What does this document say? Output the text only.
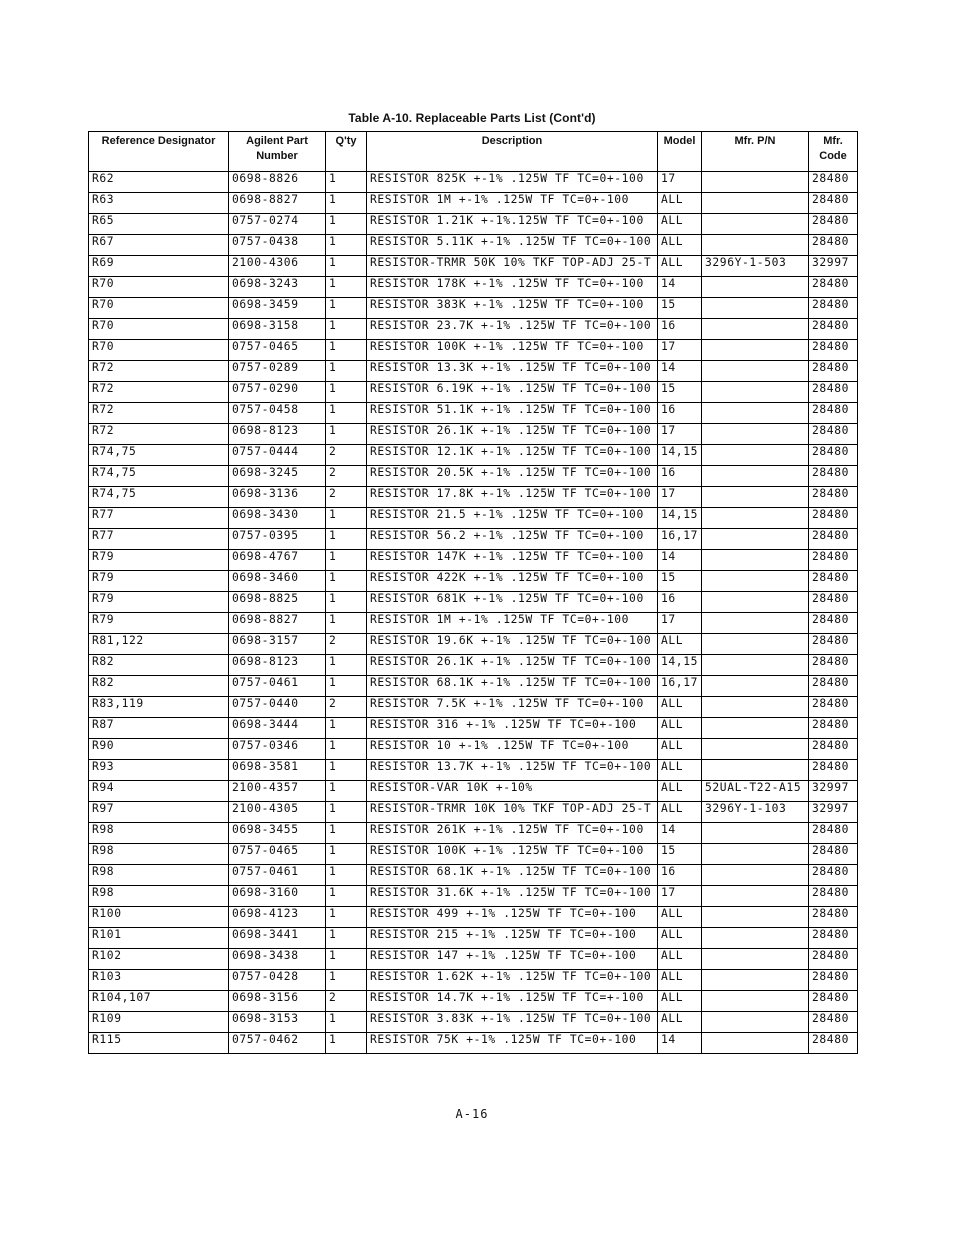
Table A-10. Replaceable Parts List (Cont'd)
Reference Designator	Agilent Part Number	Q'ty	Description	Model	Mfr. P/N	Mfr. Code
R62	0698-8826	1	RESISTOR 825K +-1% .125W TF TC=0+-100	17		28480
R63	0698-8827	1	RESISTOR 1M +-1% .125W TF TC=0+-100	ALL		28480
R65	0757-0274	1	RESISTOR 1.21K +-1%.125W TF TC=0+-100	ALL		28480
R67	0757-0438	1	RESISTOR 5.11K +-1% .125W TF TC=0+-100	ALL		28480
R69	2100-4306	1	RESISTOR-TRMR 50K 10% TKF TOP-ADJ 25-T	ALL	3296Y-1-503	32997
R70	0698-3243	1	RESISTOR 178K +-1% .125W TF TC=0+-100	14		28480
R70	0698-3459	1	RESISTOR 383K +-1% .125W TF TC=0+-100	15		28480
R70	0698-3158	1	RESISTOR 23.7K +-1% .125W TF TC=0+-100	16		28480
R70	0757-0465	1	RESISTOR 100K +-1% .125W TF TC=0+-100	17		28480
R72	0757-0289	1	RESISTOR 13.3K +-1% .125W TF TC=0+-100	14		28480
R72	0757-0290	1	RESISTOR 6.19K +-1% .125W TF TC=0+-100	15		28480
R72	0757-0458	1	RESISTOR 51.1K +-1% .125W TF TC=0+-100	16		28480
R72	0698-8123	1	RESISTOR 26.1K +-1% .125W TF TC=0+-100	17		28480
R74,75	0757-0444	2	RESISTOR 12.1K +-1% .125W TF TC=0+-100	14,15		28480
R74,75	0698-3245	2	RESISTOR 20.5K +-1% .125W TF TC=0+-100	16		28480
R74,75	0698-3136	2	RESISTOR 17.8K +-1% .125W TF TC=0+-100	17		28480
R77	0698-3430	1	RESISTOR 21.5 +-1% .125W TF TC=0+-100	14,15		28480
R77	0757-0395	1	RESISTOR 56.2 +-1% .125W TF TC=0+-100	16,17		28480
R79	0698-4767	1	RESISTOR 147K +-1% .125W TF TC=0+-100	14		28480
R79	0698-3460	1	RESISTOR 422K +-1% .125W TF TC=0+-100	15		28480
R79	0698-8825	1	RESISTOR 681K +-1% .125W TF TC=0+-100	16		28480
R79	0698-8827	1	RESISTOR 1M +-1% .125W TF TC=0+-100	17		28480
R81,122	0698-3157	2	RESISTOR 19.6K +-1% .125W TF TC=0+-100	ALL		28480
R82	0698-8123	1	RESISTOR 26.1K +-1% .125W TF TC=0+-100	14,15		28480
R82	0757-0461	1	RESISTOR 68.1K +-1% .125W TF TC=0+-100	16,17		28480
R83,119	0757-0440	2	RESISTOR 7.5K +-1% .125W TF TC=0+-100	ALL		28480
R87	0698-3444	1	RESISTOR 316 +-1% .125W TF TC=0+-100	ALL		28480
R90	0757-0346	1	RESISTOR 10 +-1% .125W TF TC=0+-100	ALL		28480
R93	0698-3581	1	RESISTOR 13.7K +-1% .125W TF TC=0+-100	ALL		28480
R94	2100-4357	1	RESISTOR-VAR 10K +-10%	ALL	52UAL-T22-A15	32997
R97	2100-4305	1	RESISTOR-TRMR 10K 10% TKF TOP-ADJ 25-T	ALL	3296Y-1-103	32997
R98	0698-3455	1	RESISTOR 261K +-1% .125W TF TC=0+-100	14		28480
R98	0757-0465	1	RESISTOR 100K +-1% .125W TF TC=0+-100	15		28480
R98	0757-0461	1	RESISTOR 68.1K +-1% .125W TF TC=0+-100	16		28480
R98	0698-3160	1	RESISTOR 31.6K +-1% .125W TF TC=0+-100	17		28480
R100	0698-4123	1	RESISTOR 499 +-1% .125W TF TC=0+-100	ALL		28480
R101	0698-3441	1	RESISTOR 215 +-1% .125W TF TC=0+-100	ALL		28480
R102	0698-3438	1	RESISTOR 147 +-1% .125W TF TC=0+-100	ALL		28480
R103	0757-0428	1	RESISTOR 1.62K +-1% .125W TF TC=0+-100	ALL		28480
R104,107	0698-3156	2	RESISTOR 14.7K +-1% .125W TF TC=+-100	ALL		28480
R109	0698-3153	1	RESISTOR 3.83K +-1% .125W TF TC=0+-100	ALL		28480
R115	0757-0462	1	RESISTOR 75K +-1% .125W TF TC=0+-100	14		28480
A-16
